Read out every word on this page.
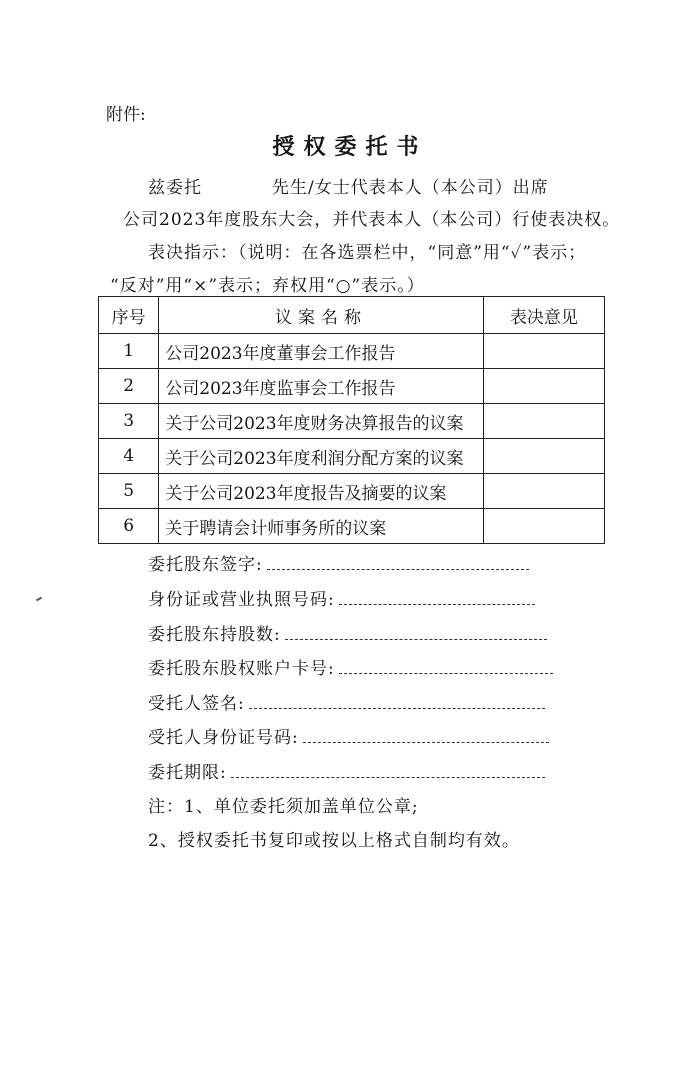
附件:
授权委托书
兹委托	先生/女士代表本人（本公司）出席
公司2023年度股东大会，并代表本人（本公司）行使表决权。
表决指示：（说明：在各选票栏中，“同意”用“✓”表示；
“反对”用“×”表示；弃权用“○”表示。）
序号	议案名称	表决意见
1	公司2023年度董事会工作报告	
2	公司2023年度监事会工作报告	
3	关于公司2023年度财务决算报告的议案	
4	关于公司2023年度利润分配方案的议案	
5	关于公司2023年度报告及摘要的议案	
6	关于聘请会计师事务所的议案	
委托股东签字:
身份证或营业执照号码:
委托股东持股数:
委托股东股权账户卡号:
受托人签名:
受托人身份证号码:
委托期限:
注：1、单位委托须加盖单位公章;
2、授权委托书复印或按以上格式自制均有效。
